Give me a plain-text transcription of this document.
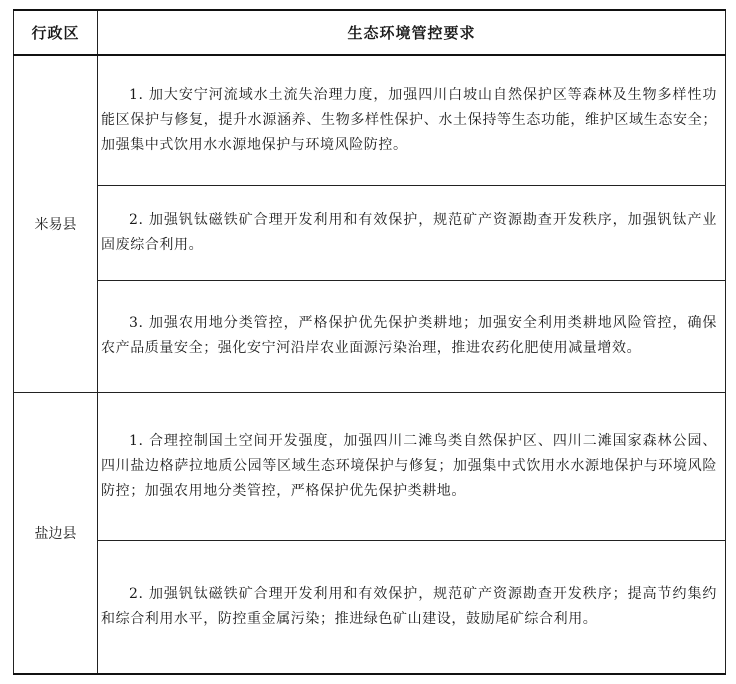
行政区	生态环境管控要求
米易县	1. 加大安宁河流域水土流失治理力度，加强四川白坡山自然保护区等森林及生物多样性功能区保护与修复，提升水源涵养、生物多样性保护、水土保持等生态功能，维护区域生态安全；加强集中式饮用水水源地保护与环境风险防控。

	2. 加强钒钛磁铁矿合理开发利用和有效保护，规范矿产资源勘查开发秩序，加强钒钛产业固废综合利用。

	3. 加强农用地分类管控，严格保护优先保护类耕地；加强安全利用类耕地风险管控，确保农产品质量安全；强化安宁河沿岸农业面源污染治理，推进农药化肥使用减量增效。

盐边县	1. 合理控制国土空间开发强度，加强四川二滩鸟类自然保护区、四川二滩国家森林公园、四川盐边格萨拉地质公园等区域生态环境保护与修复；加强集中式饮用水水源地保护与环境风险防控；加强农用地分类管控，严格保护优先保护类耕地。

	2. 加强钒钛磁铁矿合理开发利用和有效保护，规范矿产资源勘查开发秩序；提高节约集约和综合利用水平，防控重金属污染；推进绿色矿山建设，鼓励尾矿综合利用。
